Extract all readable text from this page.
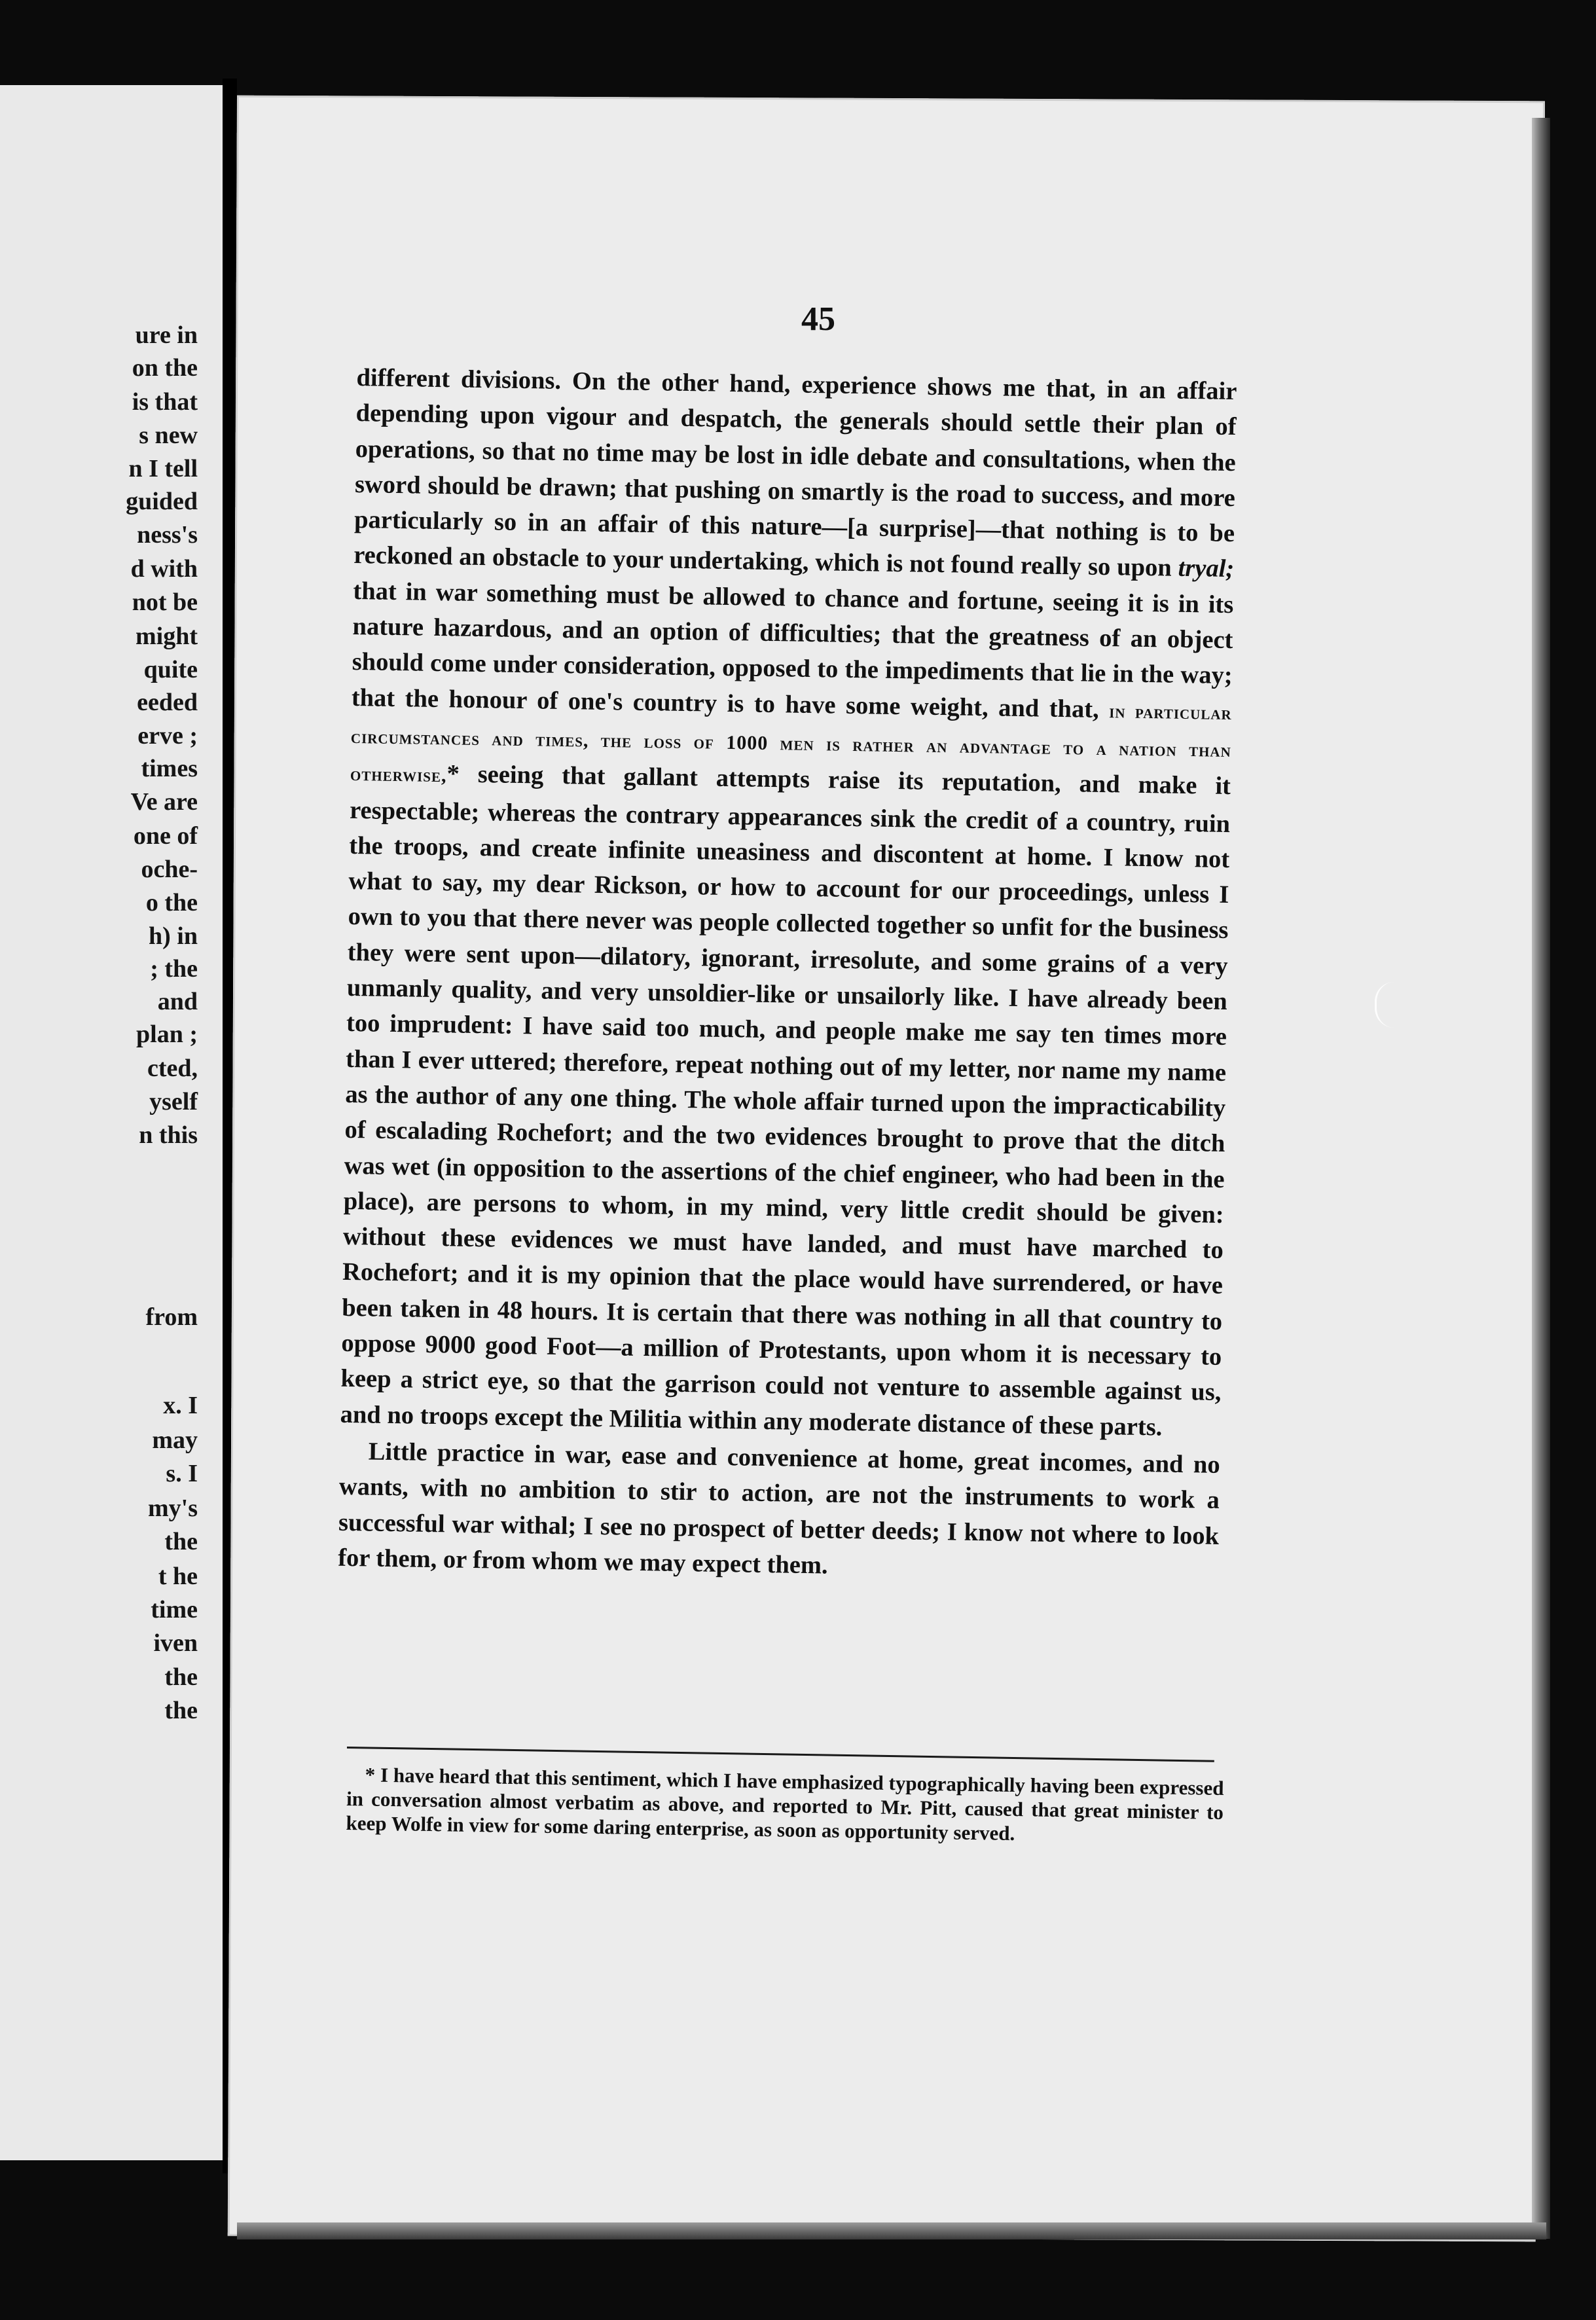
ure in
on the
is that
s new
n I tell
guided
ness's
d with
not be
might
quite
eeded
erve ;
times
Ve are
one of
oche-
o the
h) in
; the
and
plan ;
cted,
yself
n this
from
x. I
may
s. I
my's
the
t he
time
iven
the
the
45

different divisions. On the other hand, experience shows me that, in an affair depending upon vigour and despatch, the generals should settle their plan of operations, so that no time may be lost in idle debate and consultations, when the sword should be drawn; that pushing on smartly is the road to success, and more particularly so in an affair of this nature—[a surprise]—that nothing is to be reckoned an obstacle to your undertaking, which is not found really so upon tryal; that in war something must be allowed to chance and fortune, seeing it is in its nature hazardous, and an option of difficulties; that the greatness of an object should come under consideration, opposed to the impediments that lie in the way; that the honour of one's country is to have some weight, and that, in particular circumstances and times, the loss of 1000 men is rather an advantage to a nation than otherwise,* seeing that gallant attempts raise its reputation, and make it respectable; whereas the contrary appearances sink the credit of a country, ruin the troops, and create infinite uneasiness and discontent at home. I know not what to say, my dear Rickson, or how to account for our proceedings, unless I own to you that there never was people collected together so unfit for the business they were sent upon—dilatory, ignorant, irresolute, and some grains of a very unmanly quality, and very unsoldier-like or unsailorly like. I have already been too imprudent: I have said too much, and people make me say ten times more than I ever uttered; therefore, repeat nothing out of my letter, nor name my name as the author of any one thing. The whole affair turned upon the impracticability of escalading Rochefort; and the two evidences brought to prove that the ditch was wet (in opposition to the assertions of the chief engineer, who had been in the place), are persons to whom, in my mind, very little credit should be given: without these evidences we must have landed, and must have marched to Rochefort; and it is my opinion that the place would have surrendered, or have been taken in 48 hours. It is certain that there was nothing in all that country to oppose 9000 good Foot—a million of Protestants, upon whom it is necessary to keep a strict eye, so that the garrison could not venture to assemble against us, and no troops except the Militia within any moderate distance of these parts.

Little practice in war, ease and convenience at home, great incomes, and no wants, with no ambition to stir to action, are not the instruments to work a successful war withal; I see no prospect of better deeds; I know not where to look for them, or from whom we may expect them.

* I have heard that this sentiment, which I have emphasized typographically having been expressed in conversation almost verbatim as above, and reported to Mr. Pitt, caused that great minister to keep Wolfe in view for some daring enterprise, as soon as opportunity served.
